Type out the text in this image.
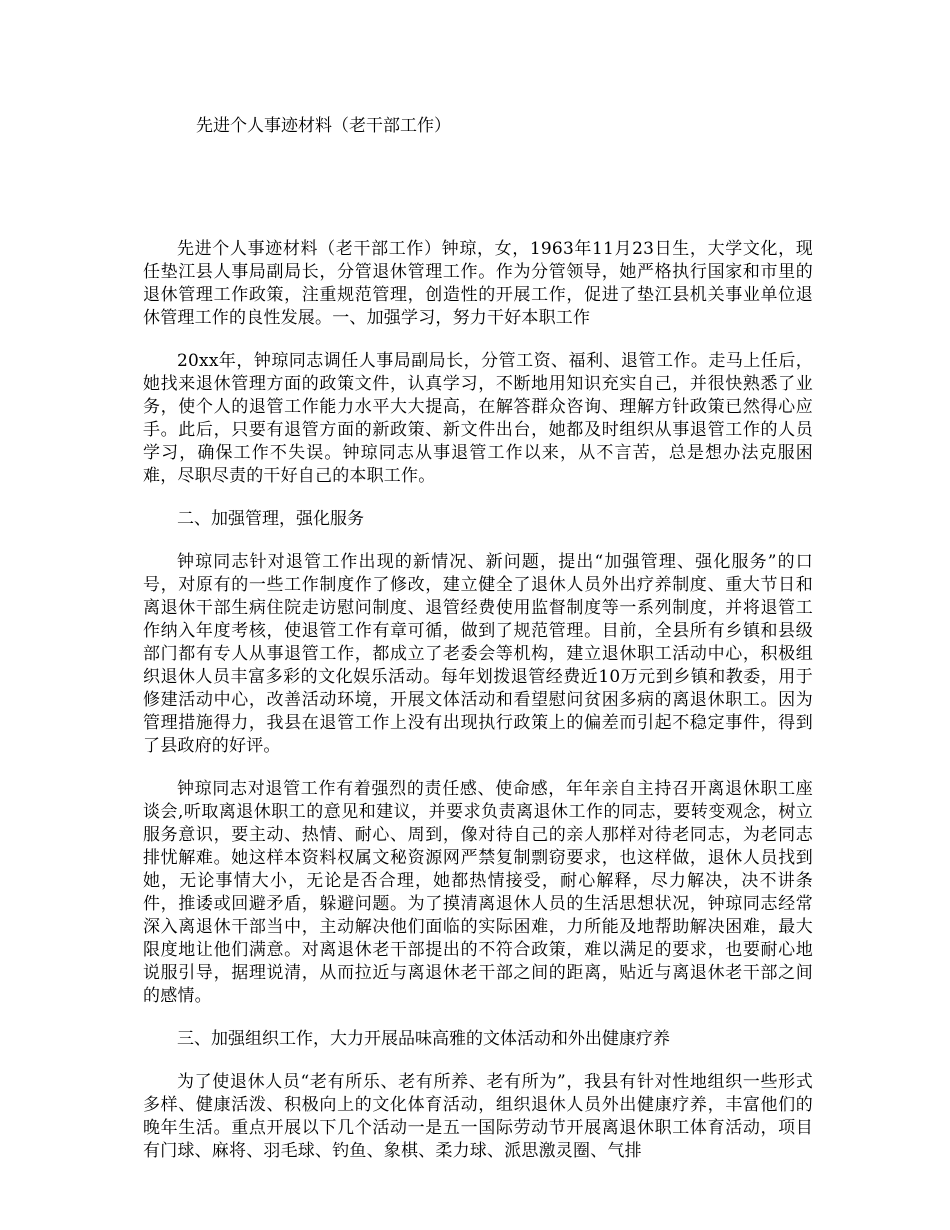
先进个人事迹材料（老干部工作）

先进个人事迹材料（老干部工作）钟琼，女，1963年11月23日生，大学文化，现任垫江县人事局副局长，分管退休管理工作。作为分管领导，她严格执行国家和市里的退休管理工作政策，注重规范管理，创造性的开展工作，促进了垫江县机关事业单位退休管理工作的良性发展。一、加强学习，努力干好本职工作

20xx年，钟琼同志调任人事局副局长，分管工资、福利、退管工作。走马上任后，她找来退休管理方面的政策文件，认真学习，不断地用知识充实自己，并很快熟悉了业务，使个人的退管工作能力水平大大提高，在解答群众咨询、理解方针政策已然得心应手。此后，只要有退管方面的新政策、新文件出台，她都及时组织从事退管工作的人员学习，确保工作不失误。钟琼同志从事退管工作以来，从不言苦，总是想办法克服困难，尽职尽责的干好自己的本职工作。

二、加强管理，强化服务

钟琼同志针对退管工作出现的新情况、新问题，提出“加强管理、强化服务”的口号，对原有的一些工作制度作了修改，建立健全了退休人员外出疗养制度、重大节日和离退休干部生病住院走访慰问制度、退管经费使用监督制度等一系列制度，并将退管工作纳入年度考核，使退管工作有章可循，做到了规范管理。目前，全县所有乡镇和县级部门都有专人从事退管工作，都成立了老委会等机构，建立退休职工活动中心，积极组织退休人员丰富多彩的文化娱乐活动。每年划拨退管经费近10万元到乡镇和教委，用于修建活动中心，改善活动环境，开展文体活动和看望慰问贫困多病的离退休职工。因为管理措施得力，我县在退管工作上没有出现执行政策上的偏差而引起不稳定事件，得到了县政府的好评。

钟琼同志对退管工作有着强烈的责任感、使命感，年年亲自主持召开离退休职工座谈会,听取离退休职工的意见和建议，并要求负责离退休工作的同志，要转变观念，树立服务意识，要主动、热情、耐心、周到，像对待自己的亲人那样对待老同志，为老同志排忧解难。她这样本资料权属文秘资源网严禁复制剽窃要求，也这样做，退休人员找到她，无论事情大小，无论是否合理，她都热情接受，耐心解释，尽力解决，决不讲条件，推诿或回避矛盾，躲避问题。为了摸清离退休人员的生活思想状况，钟琼同志经常深入离退休干部当中，主动解决他们面临的实际困难，力所能及地帮助解决困难，最大限度地让他们满意。对离退休老干部提出的不符合政策，难以满足的要求，也要耐心地说服引导，据理说清，从而拉近与离退休老干部之间的距离，贴近与离退休老干部之间的感情。

三、加强组织工作，大力开展品味高雅的文体活动和外出健康疗养

为了使退休人员“老有所乐、老有所养、老有所为”，我县有针对性地组织一些形式多样、健康活泼、积极向上的文化体育活动，组织退休人员外出健康疗养，丰富他们的晚年生活。重点开展以下几个活动一是五一国际劳动节开展离退休职工体育活动，项目有门球、麻将、羽毛球、钓鱼、象棋、柔力球、派思激灵圈、气排
